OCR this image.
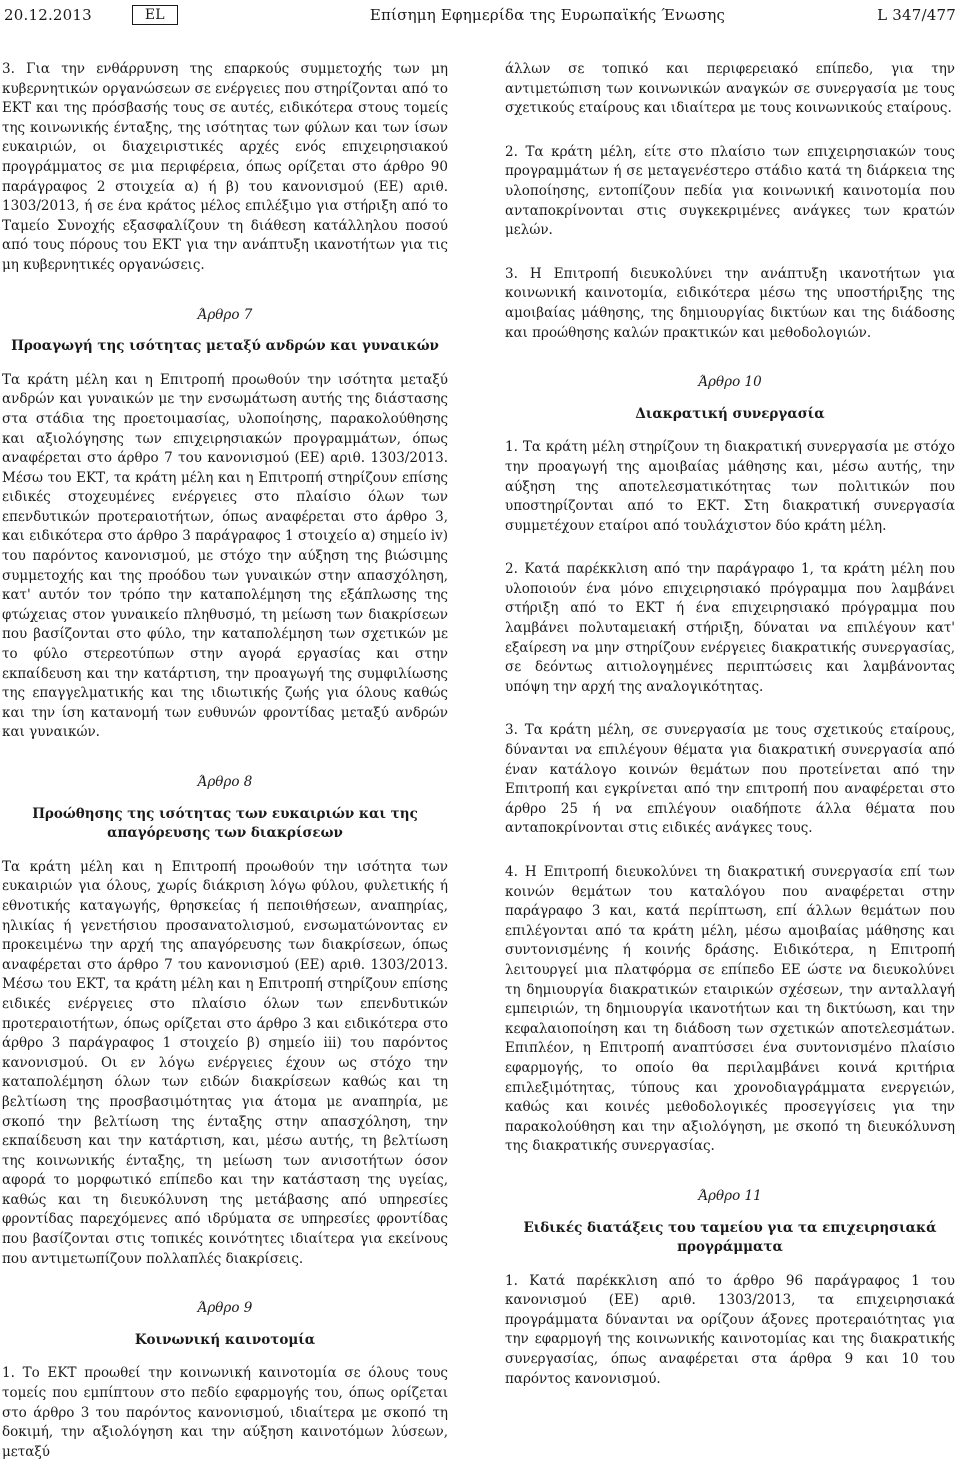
20.12.2013	EL	Επίσημη Εφημερίδα της Ευρωπαϊκής Ένωσης	L 347/477

3. Για την ενθάρρυνση της επαρκούς συμμετοχής των μη κυβερνητικών οργανώσεων σε ενέργειες που στηρίζονται από το ΕΚΤ και της πρόσβασής τους σε αυτές, ειδικότερα στους τομείς της κοινωνικής ένταξης, της ισότητας των φύλων και των ίσων ευκαιριών, οι διαχειριστικές αρχές ενός επιχειρησιακού προγράμματος σε μια περιφέρεια, όπως ορίζεται στο άρθρο 90 παράγραφος 2 στοιχεία α) ή β) του κανονισμού (ΕΕ) αριθ. 1303/2013, ή σε ένα κράτος μέλος επιλέξιμο για στήριξη από το Ταμείο Συνοχής εξασφαλίζουν τη διάθεση κατάλληλου ποσού από τους πόρους του ΕΚΤ για την ανάπτυξη ικανοτήτων για τις μη κυβερνητικές οργανώσεις.

Άρθρο 7
Προαγωγή της ισότητας μεταξύ ανδρών και γυναικών

Τα κράτη μέλη και η Επιτροπή προωθούν την ισότητα μεταξύ ανδρών και γυναικών με την ενσωμάτωση αυτής της διάστασης στα στάδια της προετοιμασίας, υλοποίησης, παρακολούθησης και αξιολόγησης των επιχειρησιακών προγραμμάτων, όπως αναφέρεται στο άρθρο 7 του κανονισμού (ΕΕ) αριθ. 1303/2013. Μέσω του ΕΚΤ, τα κράτη μέλη και η Επιτροπή στηρίζουν επίσης ειδικές στοχευμένες ενέργειες στο πλαίσιο όλων των επενδυτικών προτεραιοτήτων, όπως αναφέρεται στο άρθρο 3, και ειδικότερα στο άρθρο 3 παράγραφος 1 στοιχείο α) σημείο iv) του παρόντος κανονισμού, με στόχο την αύξηση της βιώσιμης συμμετοχής και της προόδου των γυναικών στην απασχόληση, κατ' αυτόν τον τρόπο την καταπολέμηση της εξάπλωσης της φτώχειας στον γυναικείο πληθυσμό, τη μείωση των διακρίσεων που βασίζονται στο φύλο, την καταπολέμηση των σχετικών με το φύλο στερεοτύπων στην αγορά εργασίας και στην εκπαίδευση και την κατάρτιση, την προαγωγή της συμφιλίωσης της επαγγελματικής και της ιδιωτικής ζωής για όλους καθώς και την ίση κατανομή των ευθυνών φροντίδας μεταξύ ανδρών και γυναικών.

Άρθρο 8
Προώθησης της ισότητας των ευκαιριών και της απαγόρευσης των διακρίσεων

Τα κράτη μέλη και η Επιτροπή προωθούν την ισότητα των ευκαιριών για όλους, χωρίς διάκριση λόγω φύλου, φυλετικής ή εθνοτικής καταγωγής, θρησκείας ή πεποιθήσεων, αναπηρίας, ηλικίας ή γενετήσιου προσανατολισμού, ενσωματώνοντας εν προκειμένω την αρχή της απαγόρευσης των διακρίσεων, όπως αναφέρεται στο άρθρο 7 του κανονισμού (ΕΕ) αριθ. 1303/2013. Μέσω του ΕΚΤ, τα κράτη μέλη και η Επιτροπή στηρίζουν επίσης ειδικές ενέργειες στο πλαίσιο όλων των επενδυτικών προτεραιοτήτων, όπως ορίζεται στο άρθρο 3 και ειδικότερα στο άρθρο 3 παράγραφος 1 στοιχείο β) σημείο iii) του παρόντος κανονισμού. Οι εν λόγω ενέργειες έχουν ως στόχο την καταπολέμηση όλων των ειδών διακρίσεων καθώς και τη βελτίωση της προσβασιμότητας για άτομα με αναπηρία, με σκοπό την βελτίωση της ένταξης στην απασχόληση, την εκπαίδευση και την κατάρτιση, και, μέσω αυτής, τη βελτίωση της κοινωνικής ένταξης, τη μείωση των ανισοτήτων όσον αφορά το μορφωτικό επίπεδο και την κατάσταση της υγείας, καθώς και τη διευκόλυνση της μετάβασης από υπηρεσίες φροντίδας παρεχόμενες από ιδρύματα σε υπηρεσίες φροντίδας που βασίζονται στις τοπικές κοινότητες ιδιαίτερα για εκείνους που αντιμετωπίζουν πολλαπλές διακρίσεις.

Άρθρο 9
Κοινωνική καινοτομία

1. Το ΕΚΤ προωθεί την κοινωνική καινοτομία σε όλους τους τομείς που εμπίπτουν στο πεδίο εφαρμογής του, όπως ορίζεται στο άρθρο 3 του παρόντος κανονισμού, ιδιαίτερα με σκοπό τη δοκιμή, την αξιολόγηση και την αύξηση καινοτόμων λύσεων, μεταξύ

άλλων σε τοπικό και περιφερειακό επίπεδο, για την αντιμετώπιση των κοινωνικών αναγκών σε συνεργασία με τους σχετικούς εταίρους και ιδιαίτερα με τους κοινωνικούς εταίρους.

2. Τα κράτη μέλη, είτε στο πλαίσιο των επιχειρησιακών τους προγραμμάτων ή σε μεταγενέστερο στάδιο κατά τη διάρκεια της υλοποίησης, εντοπίζουν πεδία για κοινωνική καινοτομία που ανταποκρίνονται στις συγκεκριμένες ανάγκες των κρατών μελών.

3. Η Επιτροπή διευκολύνει την ανάπτυξη ικανοτήτων για κοινωνική καινοτομία, ειδικότερα μέσω της υποστήριξης της αμοιβαίας μάθησης, της δημιουργίας δικτύων και της διάδοσης και προώθησης καλών πρακτικών και μεθοδολογιών.

Άρθρο 10
Διακρατική συνεργασία

1. Τα κράτη μέλη στηρίζουν τη διακρατική συνεργασία με στόχο την προαγωγή της αμοιβαίας μάθησης και, μέσω αυτής, την αύξηση της αποτελεσματικότητας των πολιτικών που υποστηρίζονται από το ΕΚΤ. Στη διακρατική συνεργασία συμμετέχουν εταίροι από τουλάχιστον δύο κράτη μέλη.

2. Κατά παρέκκλιση από την παράγραφο 1, τα κράτη μέλη που υλοποιούν ένα μόνο επιχειρησιακό πρόγραμμα που λαμβάνει στήριξη από το ΕΚΤ ή ένα επιχειρησιακό πρόγραμμα που λαμβάνει πολυταμειακή στήριξη, δύναται να επιλέγουν κατ' εξαίρεση να μην στηρίζουν ενέργειες διακρατικής συνεργασίας, σε δεόντως αιτιολογημένες περιπτώσεις και λαμβάνοντας υπόψη την αρχή της αναλογικότητας.

3. Τα κράτη μέλη, σε συνεργασία με τους σχετικούς εταίρους, δύνανται να επιλέγουν θέματα για διακρατική συνεργασία από έναν κατάλογο κοινών θεμάτων που προτείνεται από την Επιτροπή και εγκρίνεται από την επιτροπή που αναφέρεται στο άρθρο 25 ή να επιλέγουν οιαδήποτε άλλα θέματα που ανταποκρίνονται στις ειδικές ανάγκες τους.

4. Η Επιτροπή διευκολύνει τη διακρατική συνεργασία επί των κοινών θεμάτων του καταλόγου που αναφέρεται στην παράγραφο 3 και, κατά περίπτωση, επί άλλων θεμάτων που επιλέγονται από τα κράτη μέλη, μέσω αμοιβαίας μάθησης και συντονισμένης ή κοινής δράσης. Ειδικότερα, η Επιτροπή λειτουργεί μια πλατφόρμα σε επίπεδο ΕΕ ώστε να διευκολύνει τη δημιουργία διακρατικών εταιρικών σχέσεων, την ανταλλαγή εμπειριών, τη δημιουργία ικανοτήτων και τη δικτύωση, και την κεφαλαιοποίηση και τη διάδοση των σχετικών αποτελεσμάτων. Επιπλέον, η Επιτροπή αναπτύσσει ένα συντονισμένο πλαίσιο εφαρμογής, το οποίο θα περιλαμβάνει κοινά κριτήρια επιλεξιμότητας, τύπους και χρονοδιαγράμματα ενεργειών, καθώς και κοινές μεθοδολογικές προσεγγίσεις για την παρακολούθηση και την αξιολόγηση, με σκοπό τη διευκόλυνση της διακρατικής συνεργασίας.

Άρθρο 11
Ειδικές διατάξεις του ταμείου για τα επιχειρησιακά προγράμματα

1. Κατά παρέκκλιση από το άρθρο 96 παράγραφος 1 του κανονισμού (ΕΕ) αριθ. 1303/2013, τα επιχειρησιακά προγράμματα δύνανται να ορίζουν άξονες προτεραιότητας για την εφαρμογή της κοινωνικής καινοτομίας και της διακρατικής συνεργασίας, όπως αναφέρεται στα άρθρα 9 και 10 του παρόντος κανονισμού.
